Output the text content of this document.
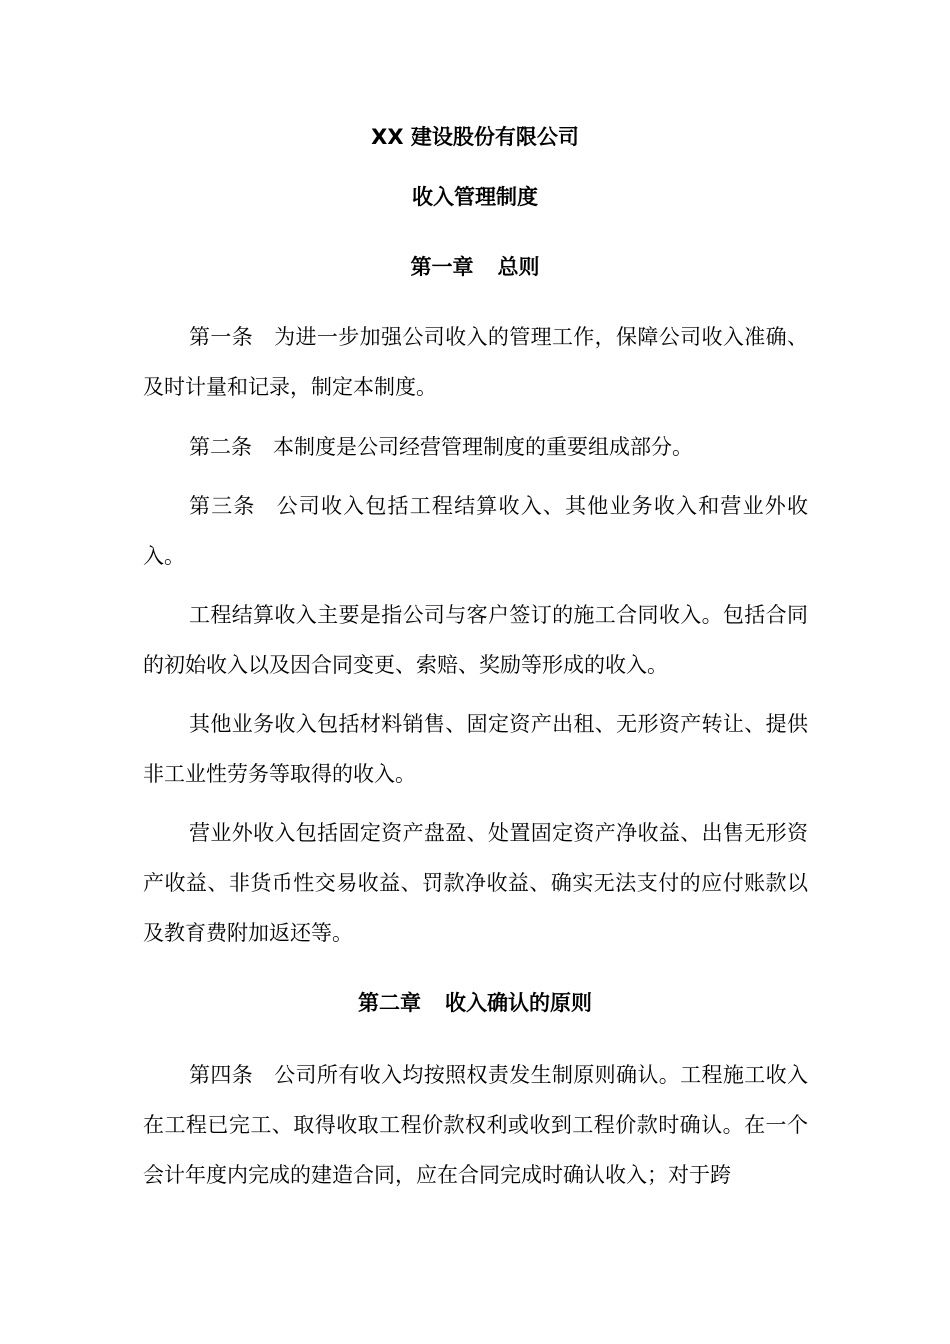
XX 建设股份有限公司
收入管理制度
第一章 总则

第一条 为进一步加强公司收入的管理工作，保障公司收入准确、及时计量和记录，制定本制度。

第二条 本制度是公司经营管理制度的重要组成部分。

第三条 公司收入包括工程结算收入、其他业务收入和营业外收入。

工程结算收入主要是指公司与客户签订的施工合同收入。包括合同的初始收入以及因合同变更、索赔、奖励等形成的收入。

其他业务收入包括材料销售、固定资产出租、无形资产转让、提供非工业性劳务等取得的收入。

营业外收入包括固定资产盘盈、处置固定资产净收益、出售无形资产收益、非货币性交易收益、罚款净收益、确实无法支付的应付账款以及教育费附加返还等。

第二章 收入确认的原则

第四条 公司所有收入均按照权责发生制原则确认。工程施工收入在工程已完工、取得收取工程价款权利或收到工程价款时确认。在一个会计年度内完成的建造合同，应在合同完成时确认收入；对于跨
